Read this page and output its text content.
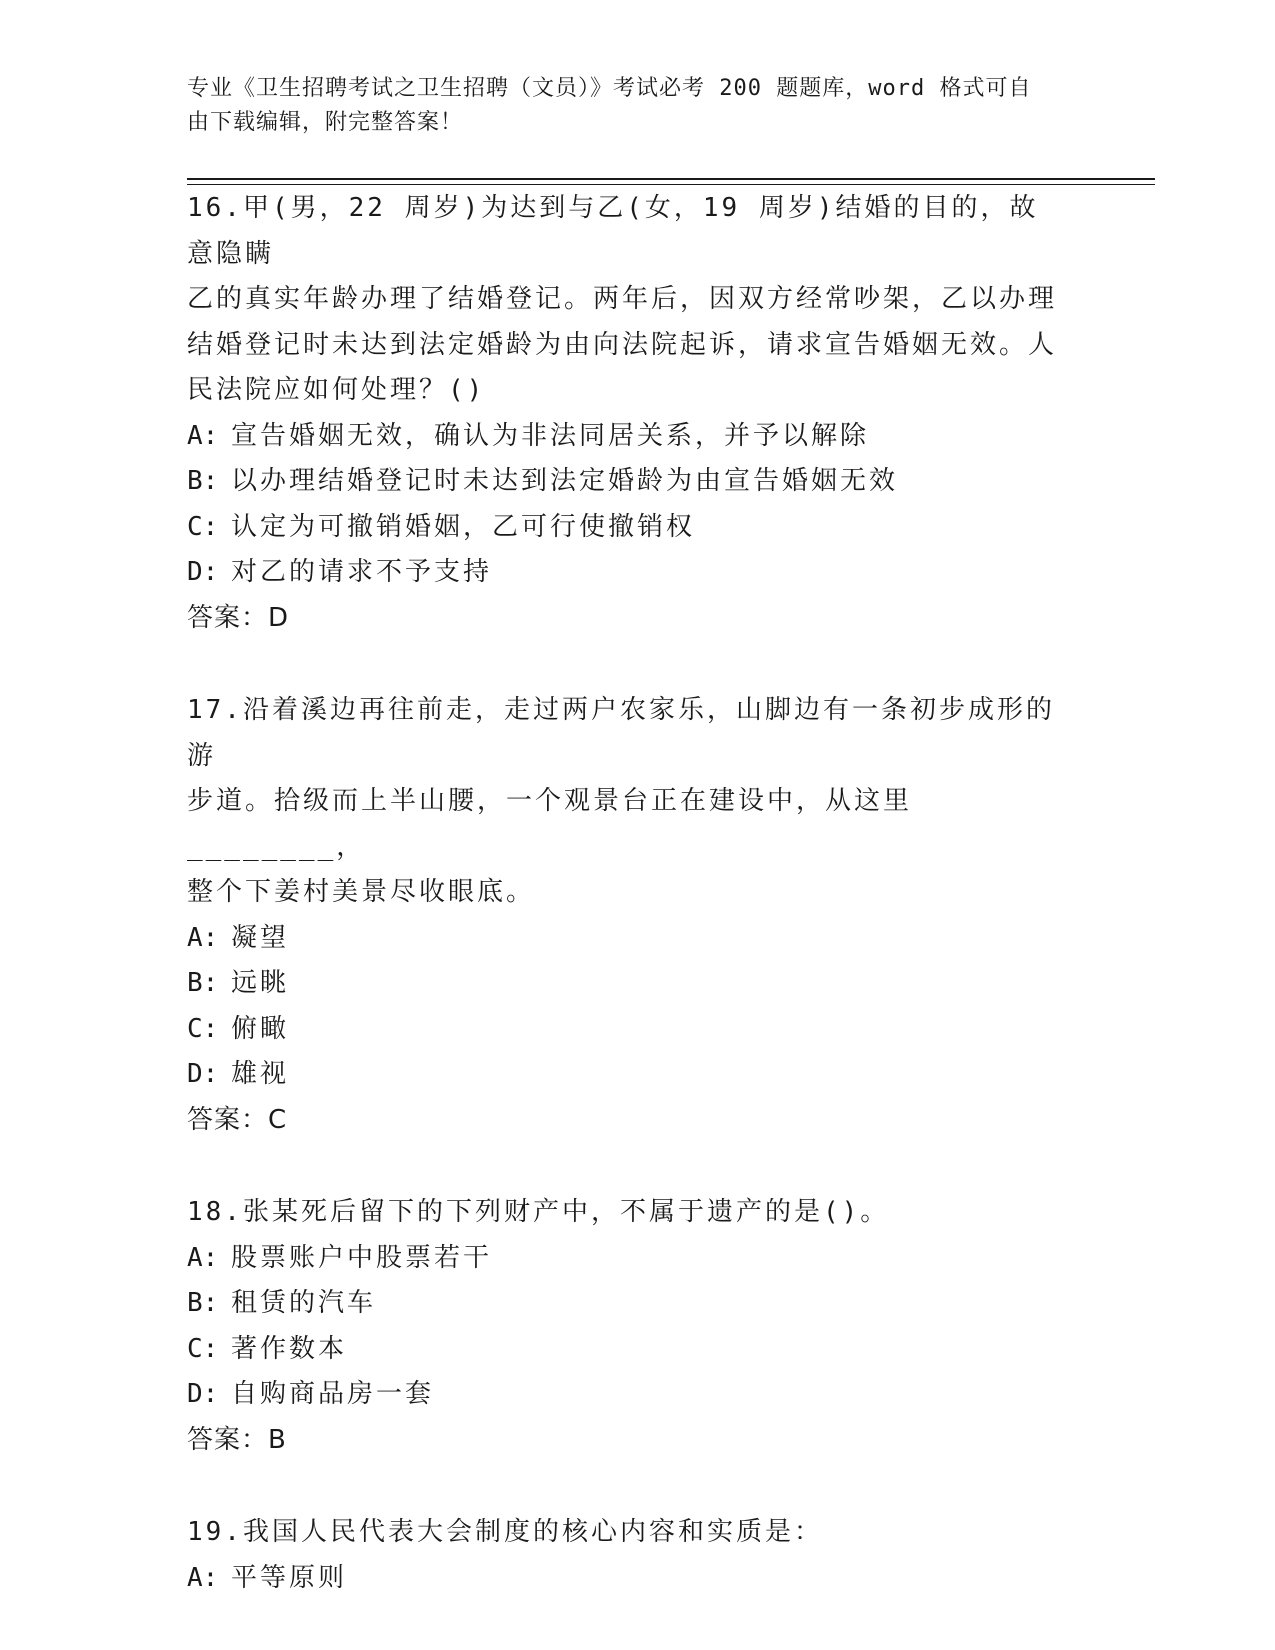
专业《卫生招聘考试之卫生招聘（文员）》考试必考 200 题题库，word 格式可自
由下载编辑，附完整答案！

16.甲(男，22 周岁)为达到与乙(女，19 周岁)结婚的目的，故意隐瞒
乙的真实年龄办理了结婚登记。两年后，因双方经常吵架，乙以办理
结婚登记时未达到法定婚龄为由向法院起诉，请求宣告婚姻无效。人
民法院应如何处理？()

A: 宣告婚姻无效，确认为非法同居关系，并予以解除

B: 以办理结婚登记时未达到法定婚龄为由宣告婚姻无效

C: 认定为可撤销婚姻，乙可行使撤销权

D: 对乙的请求不予支持

答案：D

17.沿着溪边再往前走，走过两户农家乐，山脚边有一条初步成形的游
步道。拾级而上半山腰，一个观景台正在建设中，从这里________，
整个下姜村美景尽收眼底。

A: 凝望

B: 远眺

C: 俯瞰

D: 雄视

答案：C

18.张某死后留下的下列财产中，不属于遗产的是()。

A: 股票账户中股票若干

B: 租赁的汽车

C: 著作数本

D: 自购商品房一套

答案：B

19.我国人民代表大会制度的核心内容和实质是：

A: 平等原则
